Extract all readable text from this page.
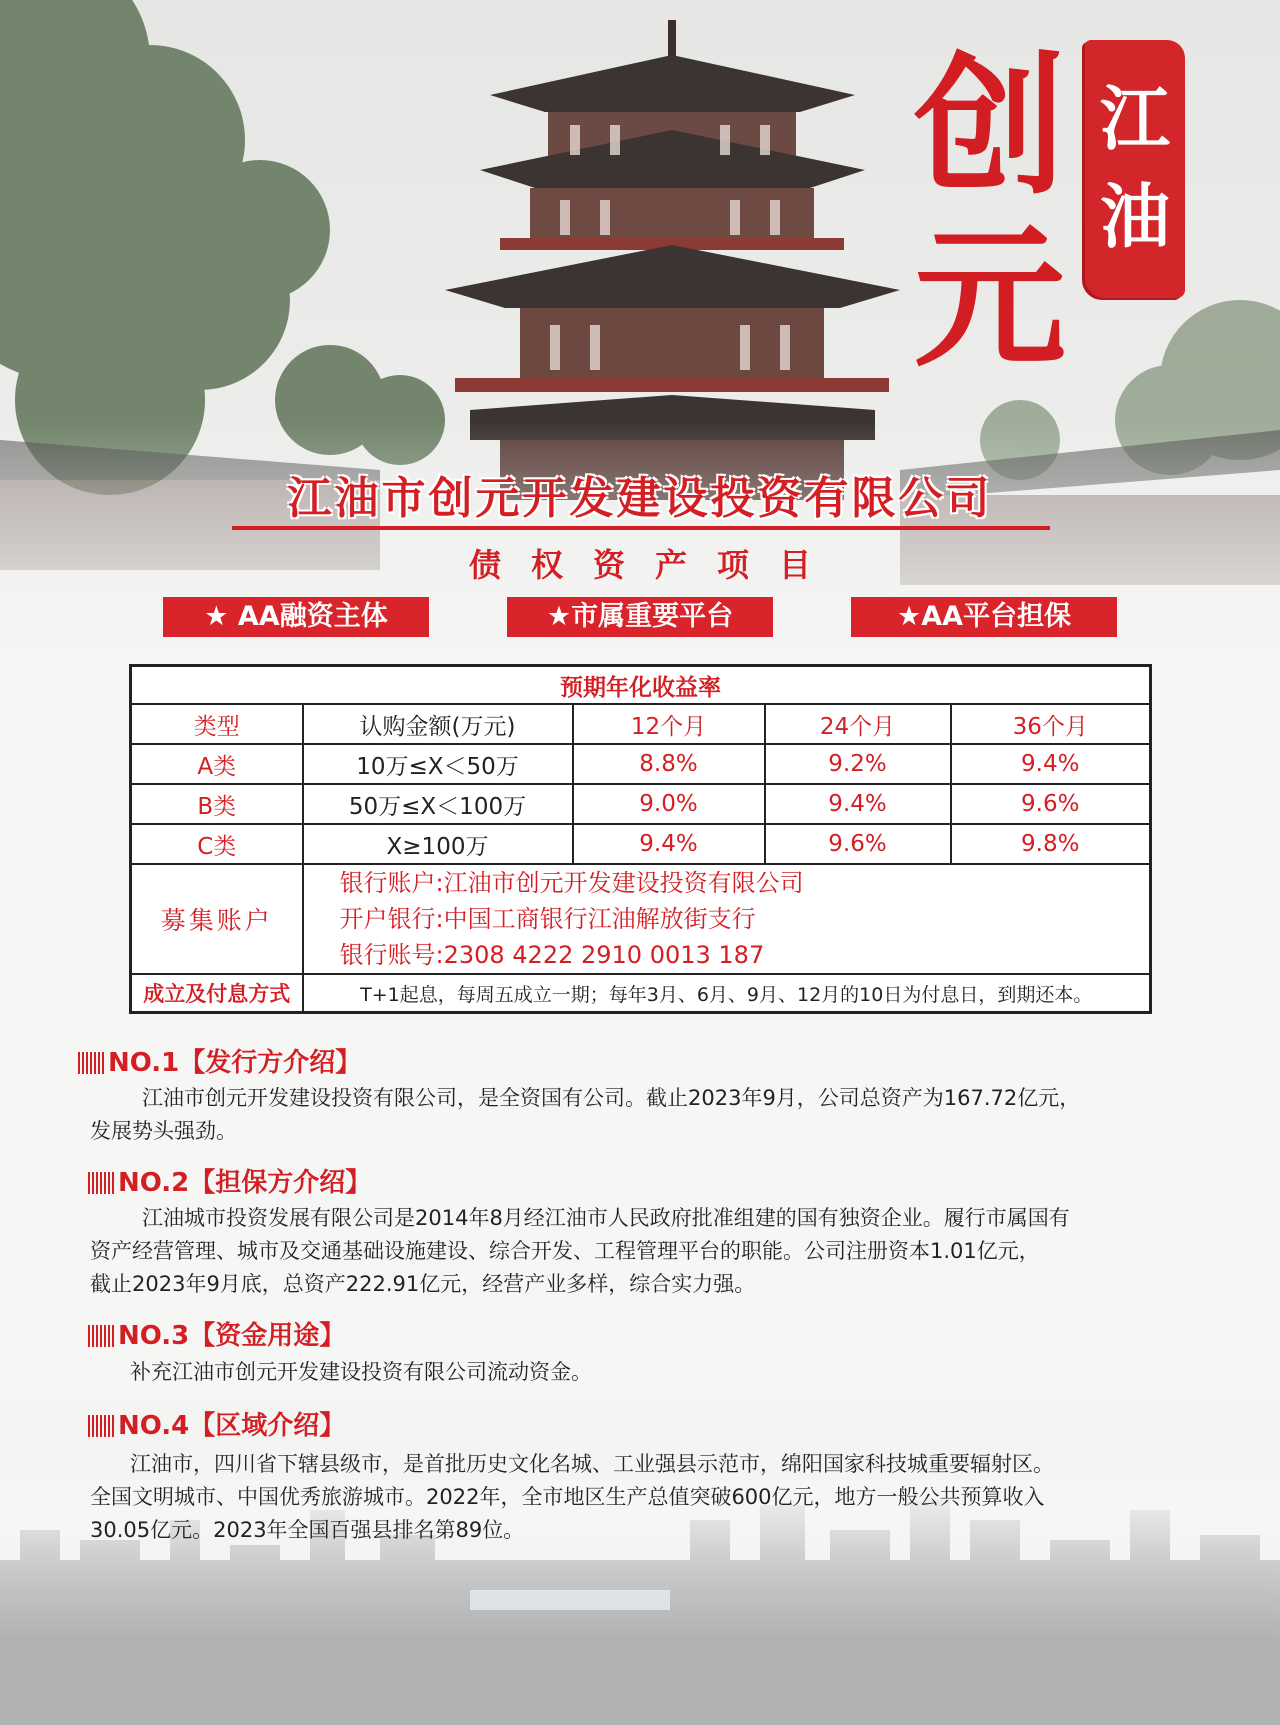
创元
江油
江油市创元开发建设投资有限公司
债权资产项目
★ AA融资主体	★市属重要平台	★AA平台担保
预期年化收益率				
类型	认购金额(万元)	12个月	24个月	36个月
A类	10万≤X＜50万	8.8%	9.2%	9.4%
B类	50万≤X＜100万	9.0%	9.4%	9.6%
C类	X≥100万	9.4%	9.6%	9.8%
募集账户	银行账户:江油市创元开发建设投资有限公司
开户银行:中国工商银行江油解放街支行
银行账号:2308 4222 2910 0013 187			

成立及付息方式	T+1起息，每周五成立一期；每年3月、6月、9月、12月的10日为付息日，到期还本。			
NO.1【发行方介绍】
江油市创元开发建设投资有限公司，是全资国有公司。截止2023年9月，公司总资产为167.72亿元，
发展势头强劲。
NO.2【担保方介绍】
江油城市投资发展有限公司是2014年8月经江油市人民政府批准组建的国有独资企业。履行市属国有
资产经营管理、城市及交通基础设施建设、综合开发、工程管理平台的职能。公司注册资本1.01亿元，
截止2023年9月底，总资产222.91亿元，经营产业多样，综合实力强。
NO.3【资金用途】
补充江油市创元开发建设投资有限公司流动资金。
NO.4【区域介绍】
江油市，四川省下辖县级市，是首批历史文化名城、工业强县示范市，绵阳国家科技城重要辐射区。
全国文明城市、中国优秀旅游城市。2022年，全市地区生产总值突破600亿元，地方一般公共预算收入
30.05亿元。2023年全国百强县排名第89位。
